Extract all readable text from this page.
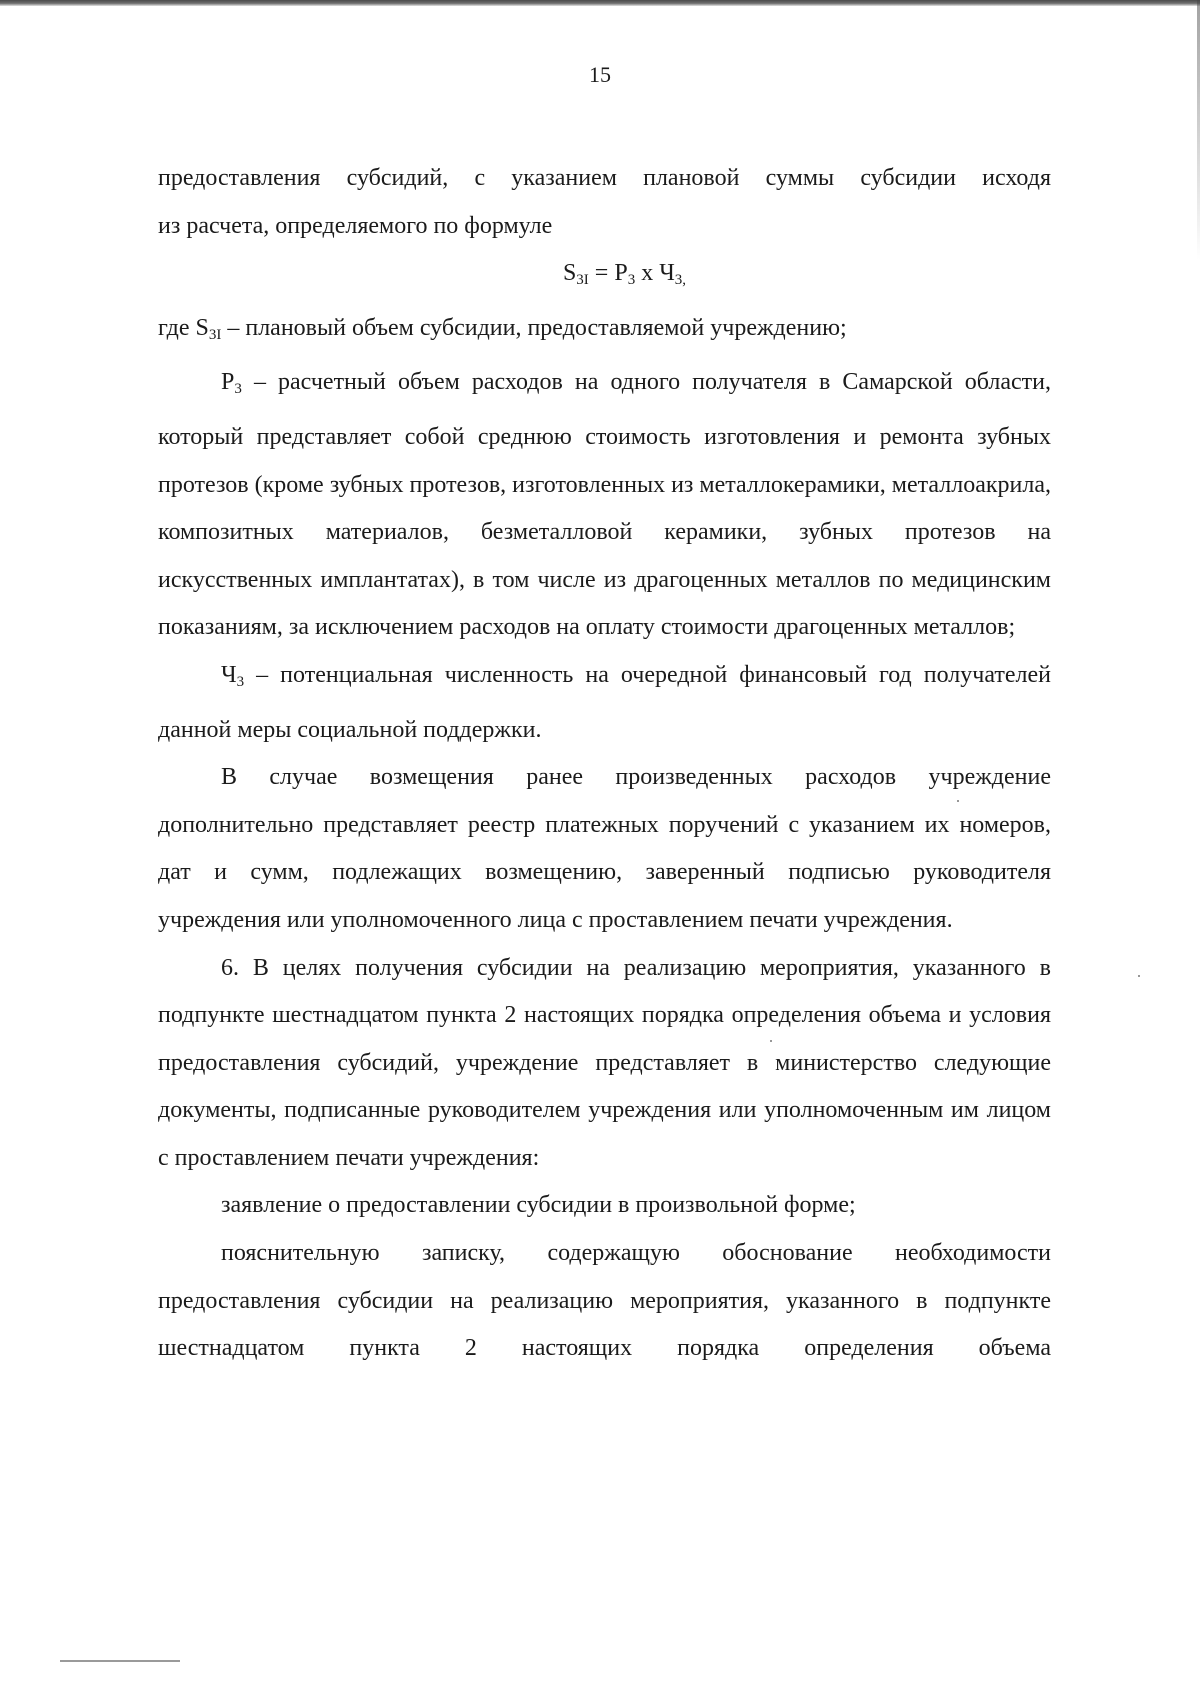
15

предоставления субсидий, с указанием плановой суммы субсидии исходя

из расчета, определяемого по формуле

$S_{3I} = P_3$ x $Ч_{3,}$

где $S_{3I}$ – плановый объем субсидии, предоставляемой учреждению;

$Р_3$ – расчетный объем расходов на одного получателя в Самарской области, который представляет собой среднюю стоимость изготовления и ремонта зубных протезов (кроме зубных протезов, изготовленных из металлокерамики, металлоакрила, композитных материалов, безметалловой керамики, зубных протезов на искусственных имплантатах), в том числе из драгоценных металлов по медицинским показаниям, за исключением расходов на оплату стоимости драгоценных металлов;

$Ч_3$ – потенциальная численность на очередной финансовый год получателей данной меры социальной поддержки.

В случае возмещения ранее произведенных расходов учреждение дополнительно представляет реестр платежных поручений с указанием их номеров, дат и сумм, подлежащих возмещению, заверенный подписью руководителя учреждения или уполномоченного лица с проставлением печати учреждения.

6. В целях получения субсидии на реализацию мероприятия, указанного в подпункте шестнадцатом пункта 2 настоящих порядка определения объема и условия предоставления субсидий, учреждение представляет в министерство следующие документы, подписанные руководителем учреждения или уполномоченным им лицом с проставлением печати учреждения:

заявление о предоставлении субсидии в произвольной форме;

пояснительную записку, содержащую обоснование необходимости предоставления субсидии на реализацию мероприятия, указанного в подпункте шестнадцатом пункта 2 настоящих порядка определения объема
